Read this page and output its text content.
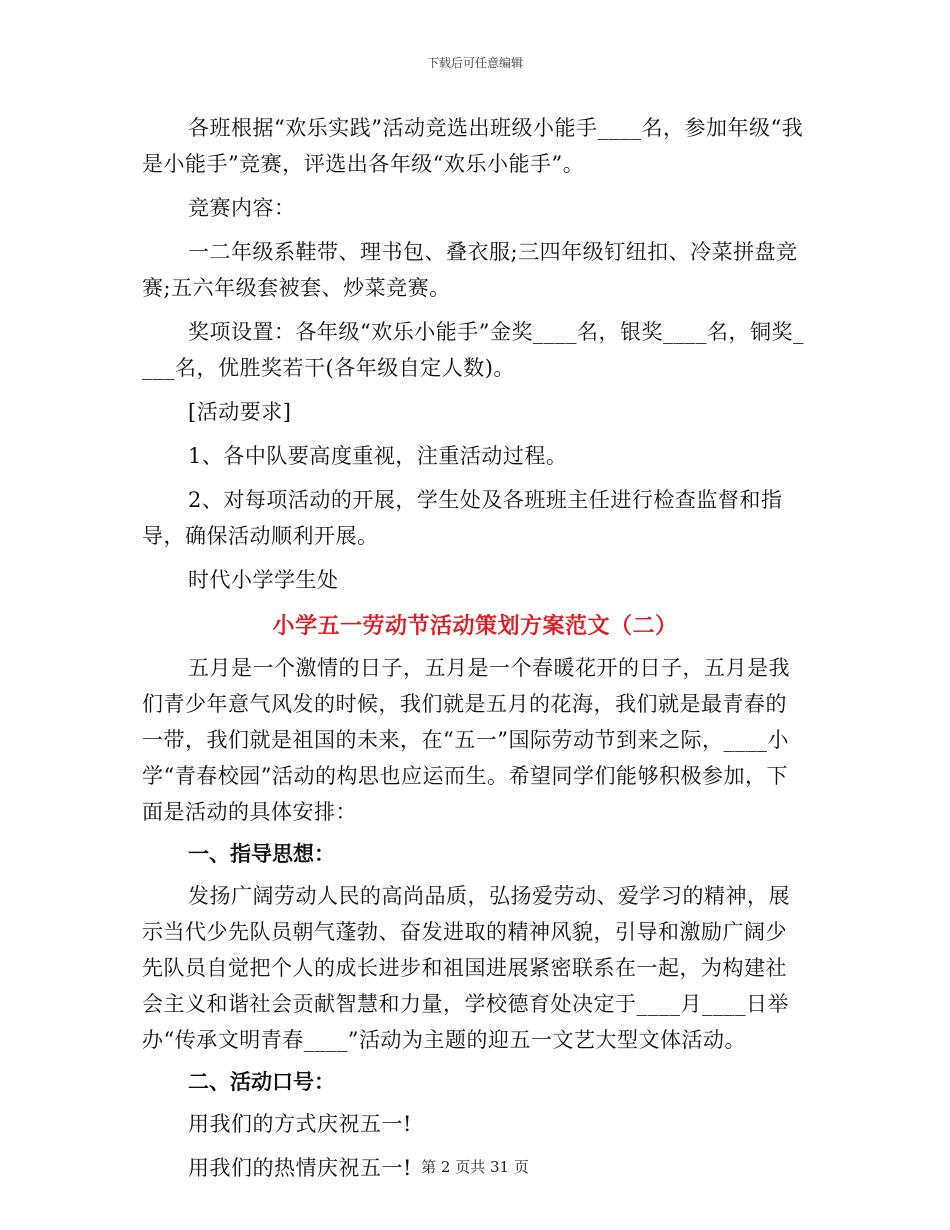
下载后可任意编辑

各班根据“欢乐实践”活动竞选出班级小能手____名，参加年级“我是小能手”竞赛，评选出各年级“欢乐小能手”。

竞赛内容：

一二年级系鞋带、理书包、叠衣服;三四年级钉纽扣、冷菜拼盘竞赛;五六年级套被套、炒菜竞赛。

奖项设置：各年级“欢乐小能手”金奖____名，银奖____名，铜奖____名，优胜奖若干(各年级自定人数)。

[活动要求]

1、各中队要高度重视，注重活动过程。

2、对每项活动的开展，学生处及各班班主任进行检查监督和指导，确保活动顺利开展。

时代小学学生处

小学五一劳动节活动策划方案范文（二）

五月是一个激情的日子，五月是一个春暖花开的日子，五月是我们青少年意气风发的时候，我们就是五月的花海，我们就是最青春的一带，我们就是祖国的未来，在“五一”国际劳动节到来之际，____小学“青春校园”活动的构思也应运而生。希望同学们能够积极参加，下面是活动的具体安排：

一、指导思想：

发扬广阔劳动人民的高尚品质，弘扬爱劳动、爱学习的精神，展示当代少先队员朝气蓬勃、奋发进取的精神风貌，引导和激励广阔少先队员自觉把个人的成长进步和祖国进展紧密联系在一起，为构建社会主义和谐社会贡献智慧和力量，学校德育处决定于____月____日举办“传承文明青春____”活动为主题的迎五一文艺大型文体活动。

二、活动口号：

用我们的方式庆祝五一!

用我们的热情庆祝五一! 第 2 页共 31 页
